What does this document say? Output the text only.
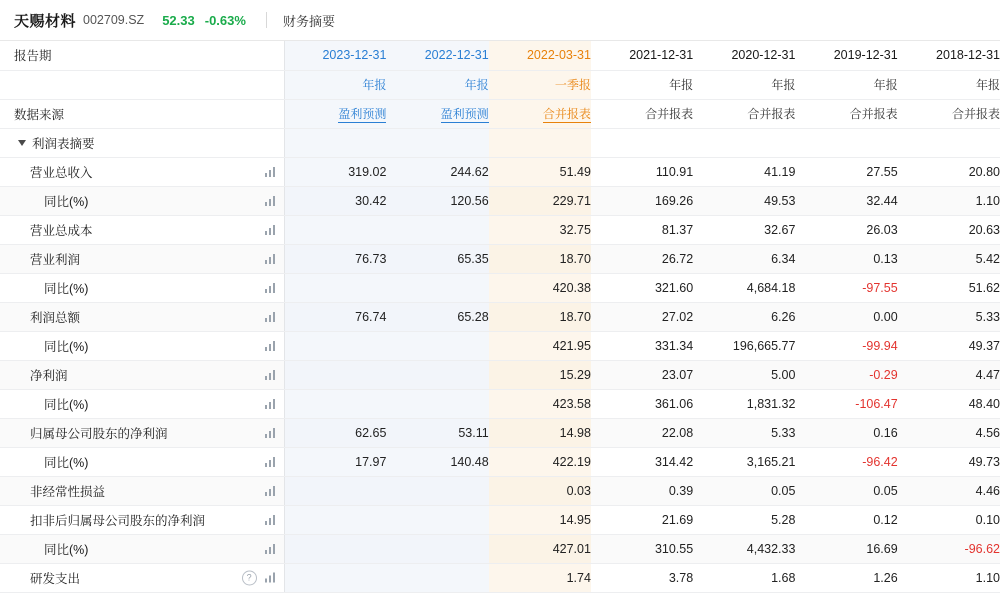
天赐材料 002709.SZ 52.33 -0.63%	财务摘要
报告期	2023-12-31	2022-12-31	2022-03-31	2021-12-31	2020-12-31	2019-12-31	2018-12-31
	年报	年报	一季报	年报	年报	年报	年报
数据来源	盈利预测	盈利预测	合并报表	合并报表	合并报表	合并报表	合并报表
利润表摘要							
营业总收入	319.02	244.62	51.49	110.91	41.19	27.55	20.80
同比(%)	30.42	120.56	229.71	169.26	49.53	32.44	1.10
营业总成本			32.75	81.37	32.67	26.03	20.63
营业利润	76.73	65.35	18.70	26.72	6.34	0.13	5.42
同比(%)			420.38	321.60	4,684.18	-97.55	51.62
利润总额	76.74	65.28	18.70	27.02	6.26	0.00	5.33
同比(%)			421.95	331.34	196,665.77	-99.94	49.37
净利润			15.29	23.07	5.00	-0.29	4.47
同比(%)			423.58	361.06	1,831.32	-106.47	48.40
归属母公司股东的净利润	62.65	53.11	14.98	22.08	5.33	0.16	4.56
同比(%)	17.97	140.48	422.19	314.42	3,165.21	-96.42	49.73
非经常性损益			0.03	0.39	0.05	0.05	4.46
扣非后归属母公司股东的净利润			14.95	21.69	5.28	0.12	0.10
同比(%)			427.01	310.55	4,432.33	16.69	-96.62
研发支出 ?			1.74	3.78	1.68	1.26	1.10
